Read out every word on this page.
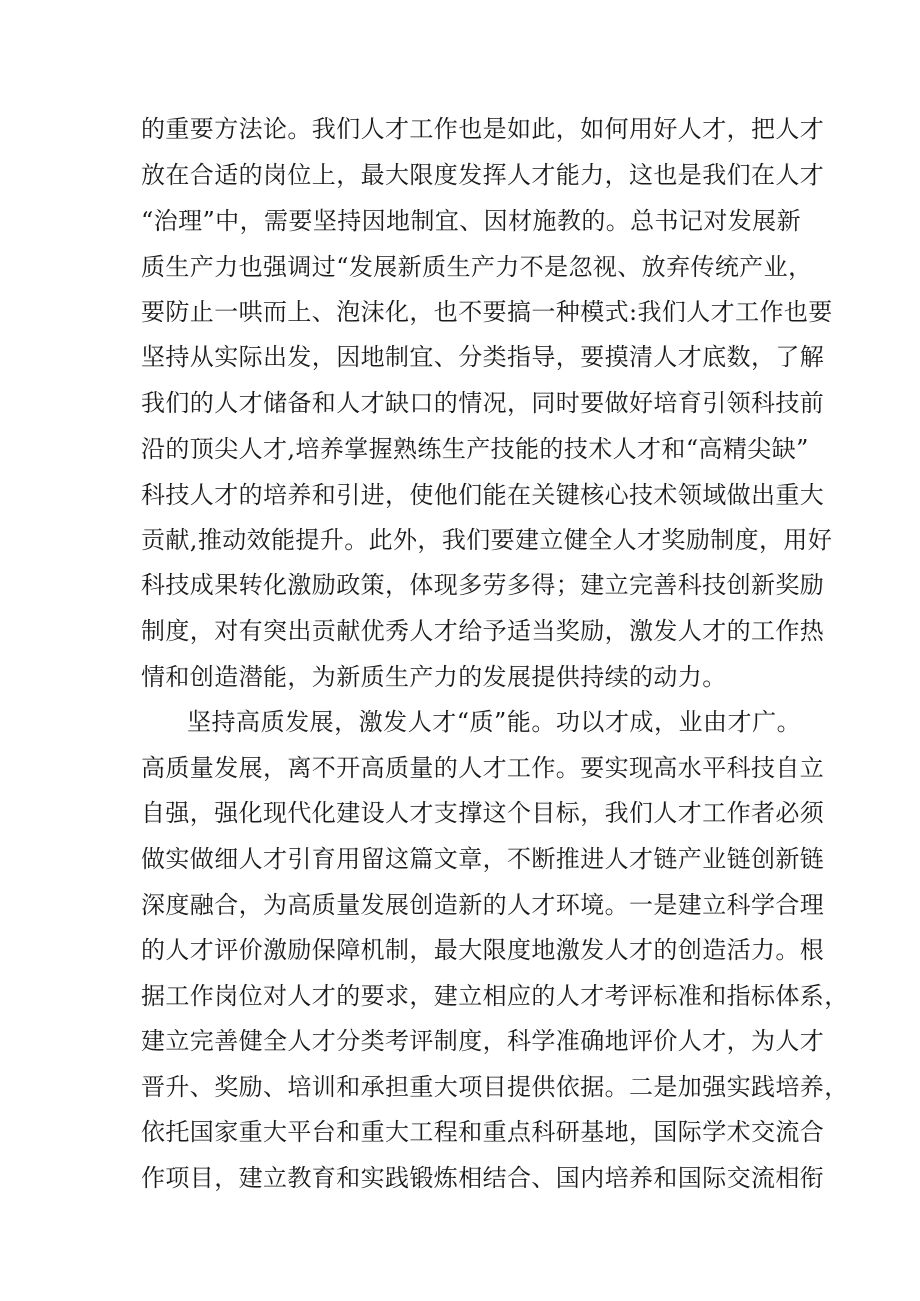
的重要方法论。我们人才工作也是如此，如何用好人才，把人才

放在合适的岗位上，最大限度发挥人才能力，这也是我们在人才

“治理”中，需要坚持因地制宜、因材施教的。总书记对发展新

质生产力也强调过“发展新质生产力不是忽视、放弃传统产业，

要防止一哄而上、泡沫化，也不要搞一种模式:我们人才工作也要

坚持从实际出发，因地制宜、分类指导，要摸清人才底数，了解

我们的人才储备和人才缺口的情况，同时要做好培育引领科技前

沿的顶尖人才,培养掌握熟练生产技能的技术人才和“高精尖缺”

科技人才的培养和引进，使他们能在关键核心技术领域做出重大

贡献,推动效能提升。此外，我们要建立健全人才奖励制度，用好

科技成果转化激励政策，体现多劳多得；建立完善科技创新奖励

制度，对有突出贡献优秀人才给予适当奖励，激发人才的工作热

情和创造潜能，为新质生产力的发展提供持续的动力。

坚持高质发展，激发人才“质”能。功以才成，业由才广。

高质量发展，离不开高质量的人才工作。要实现高水平科技自立

自强，强化现代化建设人才支撑这个目标，我们人才工作者必须

做实做细人才引育用留这篇文章，不断推进人才链产业链创新链

深度融合，为高质量发展创造新的人才环境。一是建立科学合理

的人才评价激励保障机制，最大限度地激发人才的创造活力。根

据工作岗位对人才的要求，建立相应的人才考评标准和指标体系，

建立完善健全人才分类考评制度，科学准确地评价人才，为人才

晋升、奖励、培训和承担重大项目提供依据。二是加强实践培养，

依托国家重大平台和重大工程和重点科研基地，国际学术交流合

作项目，建立教育和实践锻炼相结合、国内培养和国际交流相衔
